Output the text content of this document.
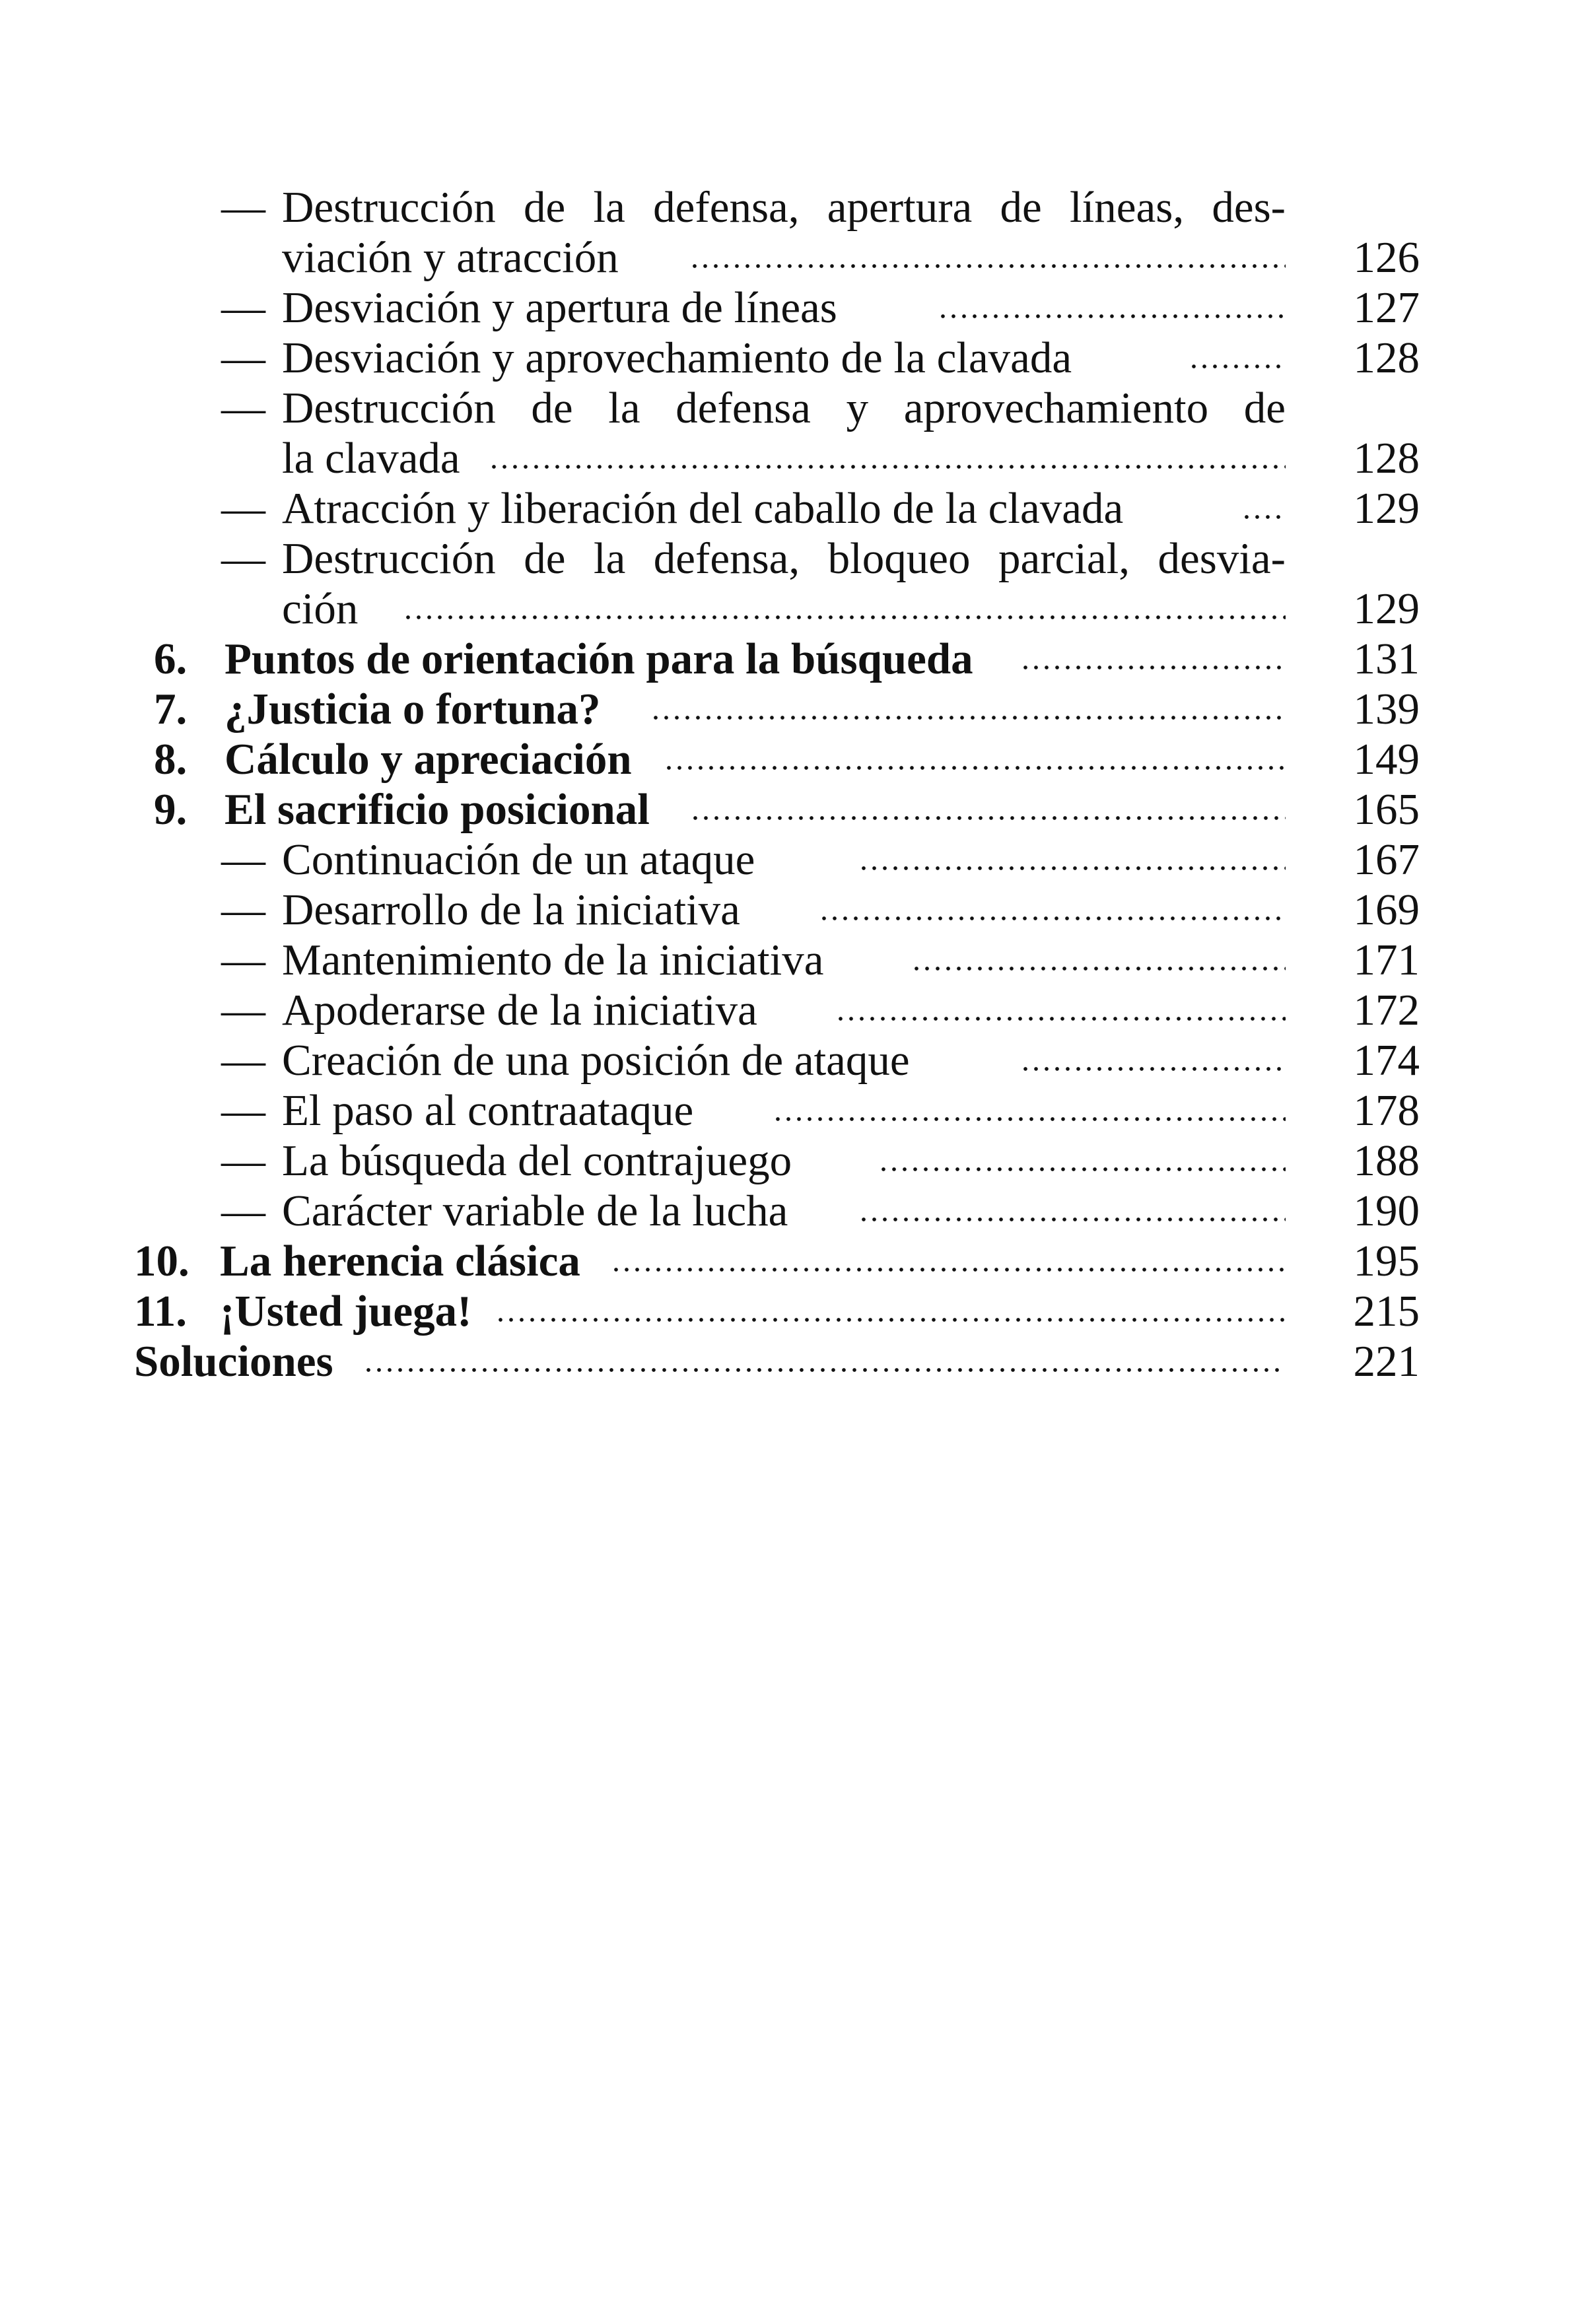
— Destrucción de la defensa, apertura de líneas, des-
viación y atracción	126
— Desviación y apertura de líneas	127
— Desviación y aprovechamiento de la clavada	128
— Destrucción de la defensa y aprovechamiento de
la clavada	128
— Atracción y liberación del caballo de la clavada	129
— Destrucción de la defensa, bloqueo parcial, desvia-
ción	129
6. Puntos de orientación para la búsqueda	131
7. ¿Justicia o fortuna?	139
8. Cálculo y apreciación	149
9. El sacrificio posicional	165
— Continuación de un ataque	167
— Desarrollo de la iniciativa	169
— Mantenimiento de la iniciativa	171
— Apoderarse de la iniciativa	172
— Creación de una posición de ataque	174
— El paso al contraataque	178
— La búsqueda del contrajuego	188
— Carácter variable de la lucha	190
10. La herencia clásica	195
11. ¡Usted juega!	215
Soluciones	221
